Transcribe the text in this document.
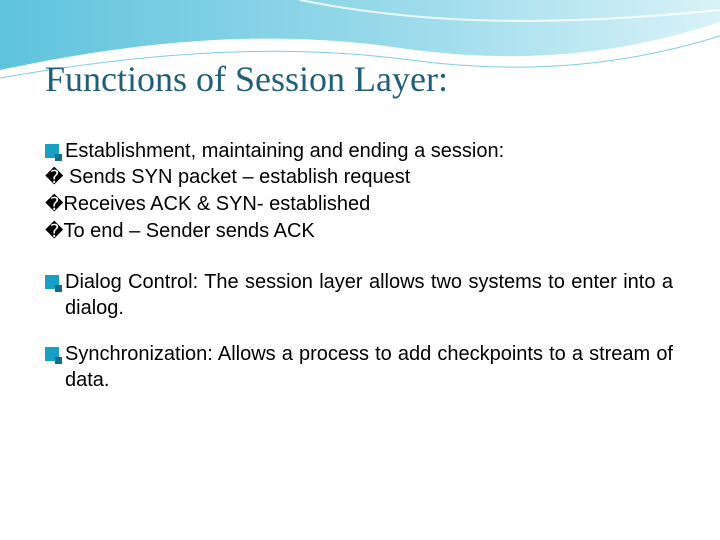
Functions of Session Layer:
Establishment, maintaining and ending a session:
� Sends SYN packet – establish request
�Receives ACK & SYN- established
�To end – Sender sends ACK
Dialog Control: The session layer allows two systems to enter into a dialog.
Synchronization: Allows a process to add checkpoints to a stream of data.
